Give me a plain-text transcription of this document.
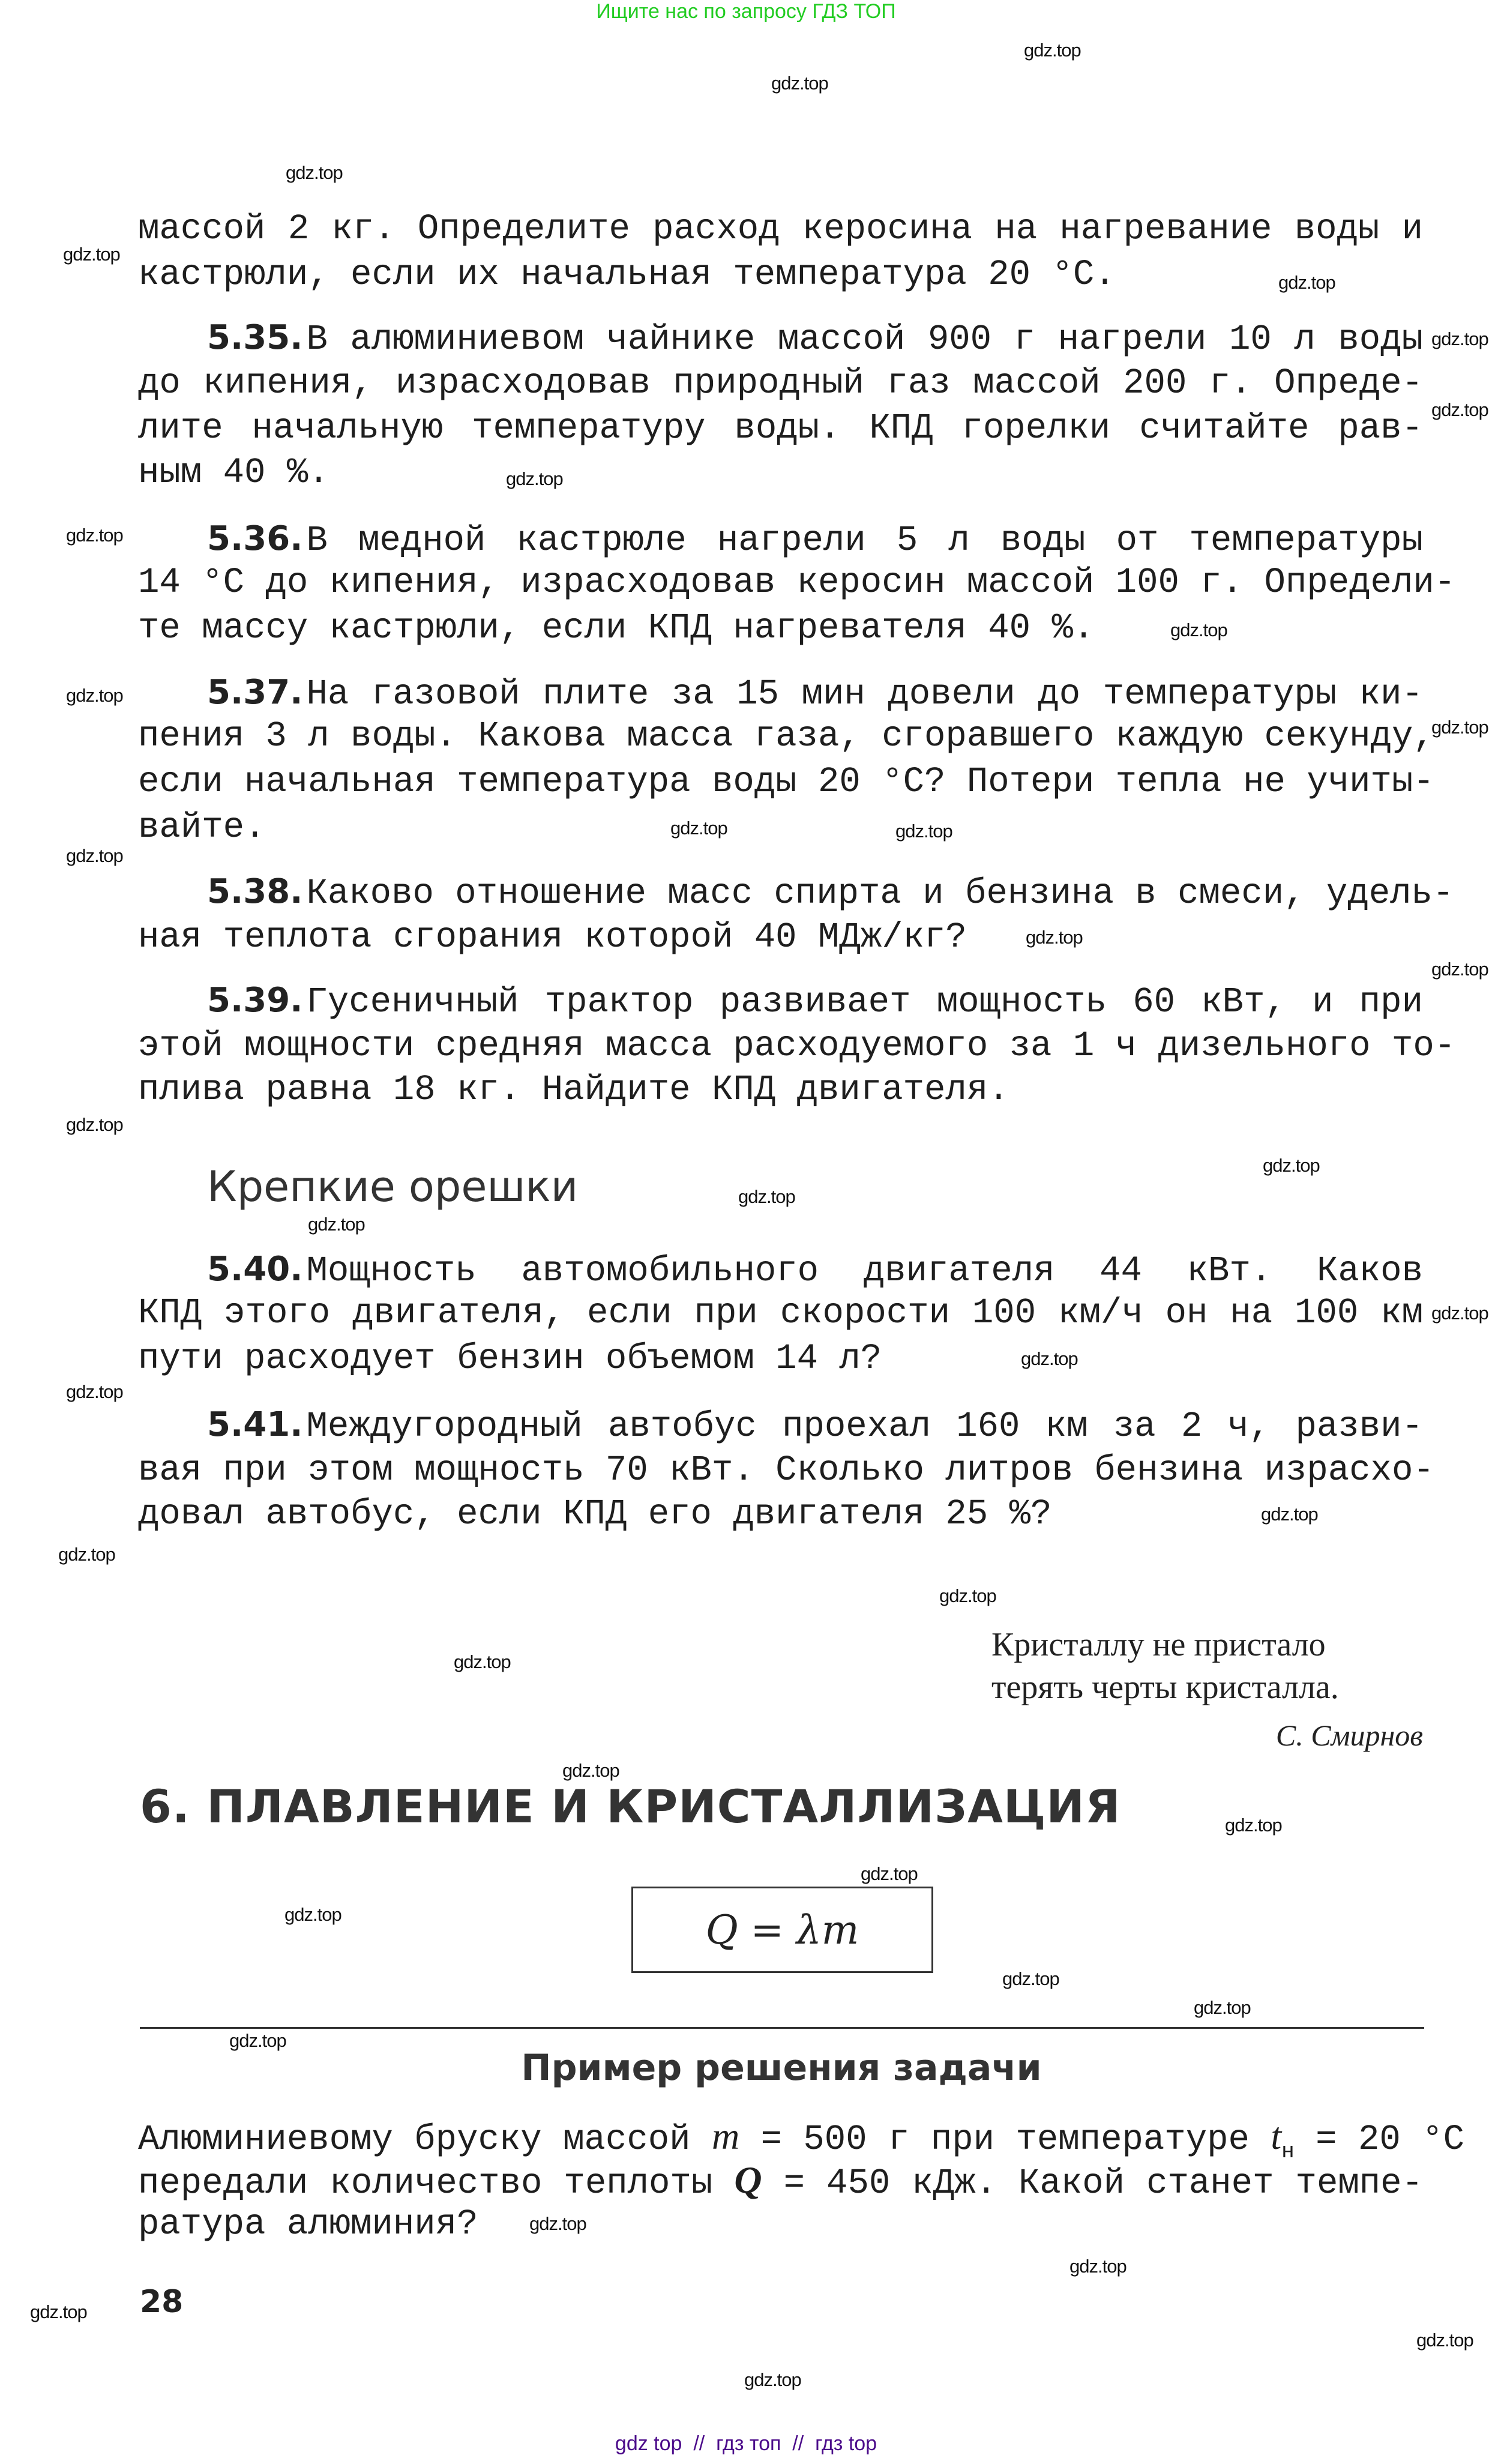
Ищите нас по запросу ГДЗ ТОП
массой 2 кг. Определите расход керосина на нагревание воды и
кастрюли, если их начальная температура 20 °С.
5.35. В алюминиевом чайнике массой 900 г нагрели 10 л воды
до кипения, израсходовав природный газ массой 200 г. Опреде-
лите начальную температуру воды. КПД горелки считайте рав-
ным 40 %.
5.36. В медной кастрюле нагрели 5 л воды от температуры
14 °С до кипения, израсходовав керосин массой 100 г. Определи-
те массу кастрюли, если КПД нагревателя 40 %.
5.37. На газовой плите за 15 мин довели до температуры ки-
пения 3 л воды. Какова масса газа, сгоравшего каждую секунду,
если начальная температура воды 20 °С? Потери тепла не учиты-
вайте.
5.38. Каково отношение масс спирта и бензина в смеси, удель-
ная теплота сгорания которой 40 МДж/кг?
5.39. Гусеничный трактор развивает мощность 60 кВт, и при
этой мощности средняя масса расходуемого за 1 ч дизельного то-
плива равна 18 кг. Найдите КПД двигателя.
Крепкие орешки
5.40. Мощность автомобильного двигателя 44 кВт. Каков
КПД этого двигателя, если при скорости 100 км/ч он на 100 км
пути расходует бензин объемом 14 л?
5.41. Междугородный автобус проехал 160 км за 2 ч, разви-
вая при этом мощность 70 кВт. Сколько литров бензина израсхо-
довал автобус, если КПД его двигателя 25 %?
Кристаллу не пристало
терять черты кристалла.
С. Смирнов
6. ПЛАВЛЕНИЕ И КРИСТАЛЛИЗАЦИЯ
Q = λm
Пример решения задачи
Алюминиевому бруску массой m = 500 г при температуре $t_н = 20$ °С
передали количество теплоты Q = 450 кДж. Какой станет темпе-
ратура алюминия?
28
gdz top  //  гдз топ  //  гдз top
gdz.top
gdz.top
gdz.top
gdz.top
gdz.top
gdz.top
gdz.top
gdz.top
gdz.top
gdz.top
gdz.top
gdz.top
gdz.top
gdz.top
gdz.top
gdz.top
gdz.top
gdz.top
gdz.top
gdz.top
gdz.top
gdz.top
gdz.top
gdz.top
gdz.top
gdz.top
gdz.top
gdz.top
gdz.top
gdz.top
gdz.top
gdz.top
gdz.top
gdz.top
gdz.top
gdz.top
gdz.top
gdz.top
gdz.top
gdz.top
